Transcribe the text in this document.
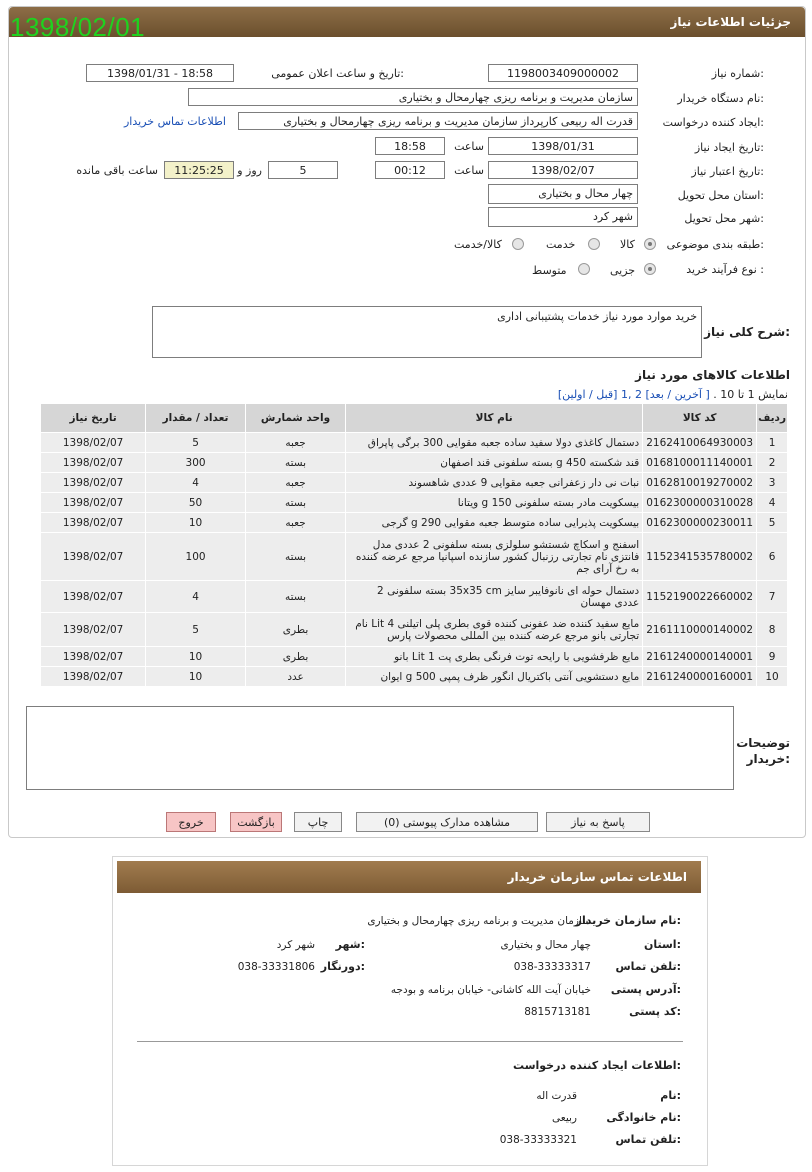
جزئیات اطلاعات نیاز
1398/02/01
شماره نیاز:
1198003409000002
تاریخ و ساعت اعلان عمومی:
1398/01/31 - 18:58
نام دستگاه خریدار:
سازمان مدیریت و برنامه ریزی چهارمحال و بختیاری
ایجاد کننده درخواست:
قدرت اله ربیعی کارپرداز سازمان مدیریت و برنامه ریزی چهارمحال و بختیاری
اطلاعات تماس خریدار
تاریخ ایجاد نیاز:
1398/01/31
ساعت
18:58
تاریخ اعتبار نیاز:
1398/02/07
ساعت
00:12
5
روز و
11:25:25
ساعت باقی مانده
استان محل تحویل:
چهار محال و بختیاری
شهر محل تحویل:
شهر کرد
طبقه بندی موضوعی:
کالا
خدمت
کالا/خدمت
نوع فرآیند خرید :
جزیی
متوسط
شرح کلی نیاز:
خرید موارد مورد نیاز خدمات پشتیبانی اداری
اطلاعات کالاهای مورد نیاز
نمایش 1 تا 10 . [ آخرین / بعد] 2 ,1 [قبل / اولین]
ردیف	کد کالا	نام کالا	واحد شمارش	تعداد / مقدار	تاریخ نیاز
1	2162410064930003	دستمال کاغذی دولا سفید ساده جعبه مقوایی 300 برگی پاپراق	جعبه	5	1398/02/07
2	0168100011140001	قند شکسته 450 g بسته سلفونی قند اصفهان	بسته	300	1398/02/07
3	0162810019270002	نبات نی دار زعفرانی جعبه مقوایی 9 عددی شاهسوند	جعبه	4	1398/02/07
4	0162300000310028	بیسکویت مادر بسته سلفونی 150 g ویتانا	بسته	50	1398/02/07
5	0162300000230011	بیسکویت پذیرایی ساده متوسط جعبه مقوایی 290 g گرجی	جعبه	10	1398/02/07
6	1152341535780002	اسفنج و اسکاچ شستشو سلولزی بسته سلفونی 2 عددی مدل فانتزی نام تجارتی رزنبال کشور سازنده اسپانیا مرجع عرضه کننده به رخ آرای جم	بسته	100	1398/02/07
7	1152190022660002	دستمال حوله ای نانوفایبر سایز 35x35 cm بسته سلفونی 2 عددی مهسان	بسته	4	1398/02/07
8	2161110000140002	مایع سفید کننده ضد عفونی کننده قوی بطری پلی اتیلنی 4 Lit نام تجارتی بانو مرجع عرضه کننده بین المللی محصولات پارس	بطری	5	1398/02/07
9	2161240000140001	مایع ظرفشویی با رایحه توت فرنگی بطری پت 1 Lit بانو	بطری	10	1398/02/07
10	2161240000160001	مایع دستشویی آنتی باکتریال انگور ظرف پمپی 500 g ایوان	عدد	10	1398/02/07
توضیحات خریدار:
پاسخ به نیاز
مشاهده مدارک پیوستی (0)
چاپ
بازگشت
خروج
اطلاعات تماس سازمان خریدار
نام سازمان خریدار:
سازمان مدیریت و برنامه ریزی چهارمحال و بختیاری
استان:
چهار محال و بختیاری
شهر:
شهر کرد
تلفن تماس:
038-33333317
دورنگار:
038-33331806
آدرس پستی:
خیابان آیت الله کاشانی- خیابان برنامه و بودجه
کد پستی:
8815713181
اطلاعات ایجاد کننده درخواست:
نام:
قدرت اله
نام خانوادگی:
ربیعی
تلفن تماس:
038-33333321
